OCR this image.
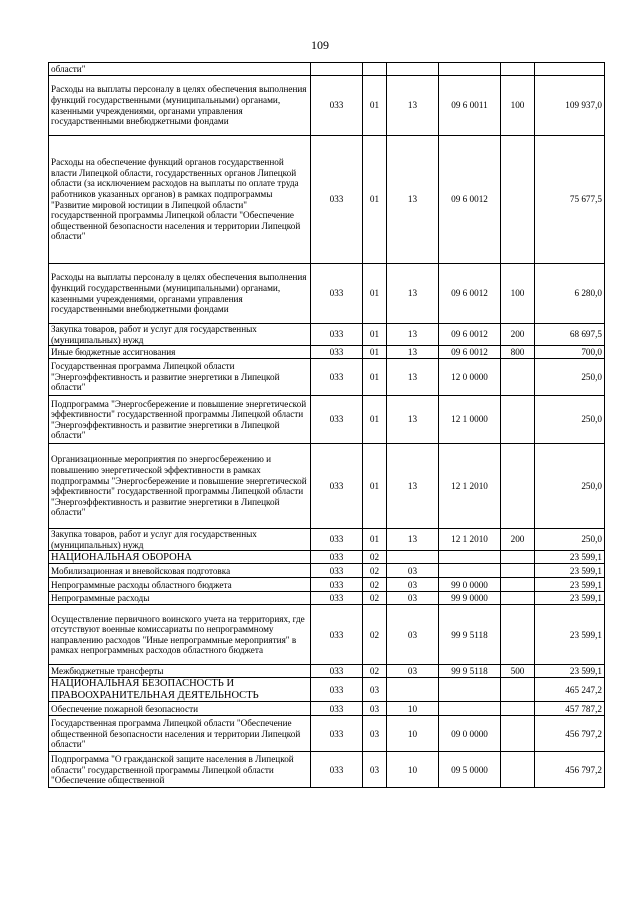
109
области"						
Расходы на выплаты персоналу в целях обеспечения выполнения функций государственными (муниципальными) органами, казенными учреждениями, органами управления государственными внебюджетными фондами	033	01	13	09 6 0011	100	109 937,0
Расходы на обеспечение функций органов государственной власти Липецкой области, государственных органов Липецкой области (за исключением расходов на выплаты по оплате труда работников указанных органов) в рамках подпрограммы "Развитие мировой юстиции в Липецкой области" государственной программы Липецкой области "Обеспечение общественной безопасности населения и территории Липецкой области"	033	01	13	09 6 0012		75 677,5
Расходы на выплаты персоналу в целях обеспечения выполнения функций государственными (муниципальными) органами, казенными учреждениями, органами управления государственными внебюджетными фондами	033	01	13	09 6 0012	100	6 280,0
Закупка товаров, работ и услуг для государственных (муниципальных) нужд	033	01	13	09 6 0012	200	68 697,5
Иные бюджетные ассигнования	033	01	13	09 6 0012	800	700,0
Государственная программа Липецкой области "Энергоэффективность и развитие энергетики в Липецкой области"	033	01	13	12 0 0000		250,0
Подпрограмма "Энергосбережение и повышение энергетической эффективности" государственной программы Липецкой области "Энергоэффективность и развитие энергетики в Липецкой области"	033	01	13	12 1 0000		250,0
Организационные мероприятия по энергосбережению и повышению энергетической эффективности в рамках подпрограммы "Энергосбережение и повышение энергетической эффективности" государственной программы Липецкой области "Энергоэффективность и развитие энергетики в Липецкой области"	033	01	13	12 1 2010		250,0
Закупка товаров, работ и услуг для государственных (муниципальных) нужд	033	01	13	12 1 2010	200	250,0
НАЦИОНАЛЬНАЯ ОБОРОНА	033	02				23 599,1
Мобилизационная и вневойсковая подготовка	033	02	03			23 599,1
Непрограммные расходы областного бюджета	033	02	03	99 0 0000		23 599,1
Непрограммные расходы	033	02	03	99 9 0000		23 599,1
Осуществление первичного воинского учета на территориях, где отсутствуют военные комиссариаты по непрограммному направлению расходов "Иные непрограммные мероприятия" в рамках непрограммных расходов областного бюджета	033	02	03	99 9 5118		23 599,1
Межбюджетные трансферты	033	02	03	99 9 5118	500	23 599,1
НАЦИОНАЛЬНАЯ БЕЗОПАСНОСТЬ И ПРАВООХРАНИТЕЛЬНАЯ ДЕЯТЕЛЬНОСТЬ	033	03				465 247,2
Обеспечение пожарной безопасности	033	03	10			457 787,2
Государственная программа Липецкой области "Обеспечение общественной безопасности населения и территории Липецкой области"	033	03	10	09 0 0000		456 797,2
Подпрограмма "О гражданской защите населения в Липецкой области" государственной программы Липецкой области "Обеспечение общественной	033	03	10	09 5 0000		456 797,2
